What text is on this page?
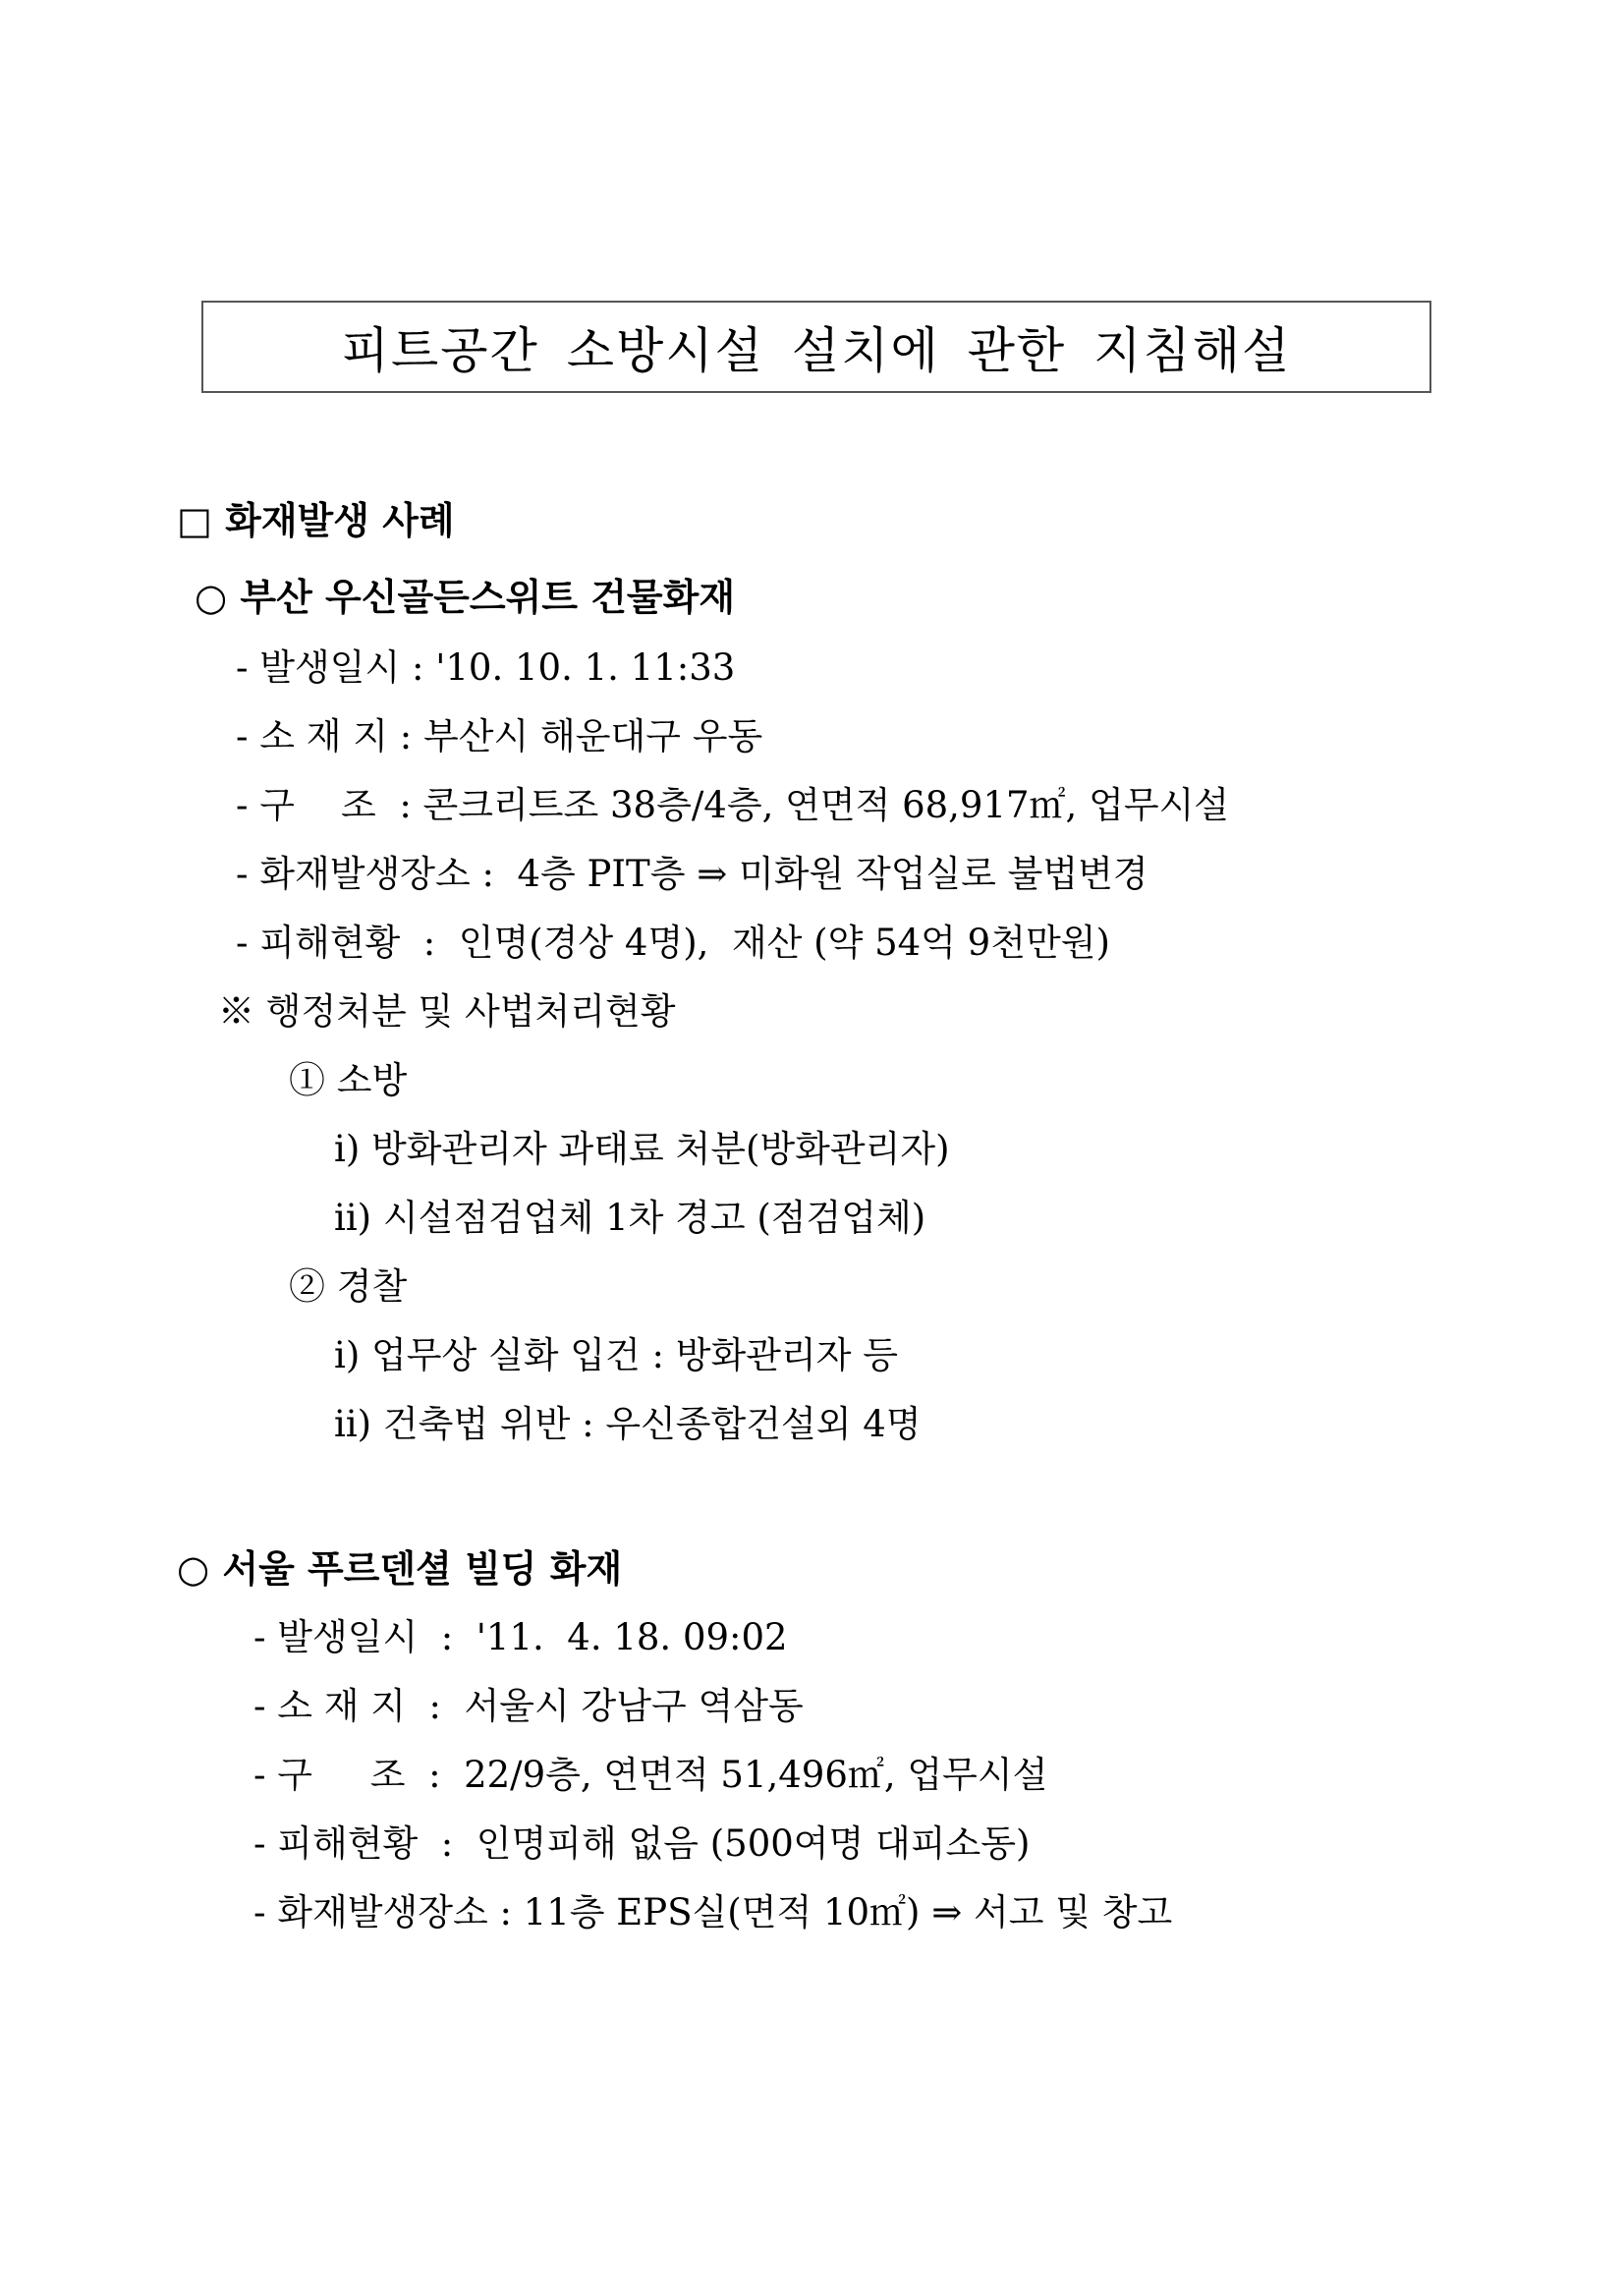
피트공간 소방시설 설치에 관한 지침해설
□ 화재발생 사례
○ 부산 우신골든스위트 건물화재
- 발생일시 : '10. 10. 1. 11:33
- 소 재 지 : 부산시 해운대구 우동
- 구    조  : 콘크리트조 38층/4층, 연면적 68,917㎡, 업무시설
- 화재발생장소 :  4층 PIT층 ⇒ 미화원 작업실로 불법변경
- 피해현황  :  인명(경상 4명),  재산 (약 54억 9천만원)
※ 행정처분 및 사법처리현황
① 소방
ⅰ) 방화관리자 과태료 처분(방화관리자)
ⅱ) 시설점검업체 1차 경고 (점검업체)
② 경찰
ⅰ) 업무상 실화 입건 : 방화관리자 등
ⅱ) 건축법 위반 : 우신종합건설외 4명
○ 서울 푸르덴셜 빌딩 화재
- 발생일시  :  '11.  4. 18. 09:02
- 소 재 지  :  서울시 강남구 역삼동
- 구     조  :  22/9층, 연면적 51,496㎡, 업무시설
- 피해현황  :  인명피해 없음 (500여명 대피소동)
- 화재발생장소 : 11층 EPS실(면적 10㎡) ⇒ 서고 및 창고
